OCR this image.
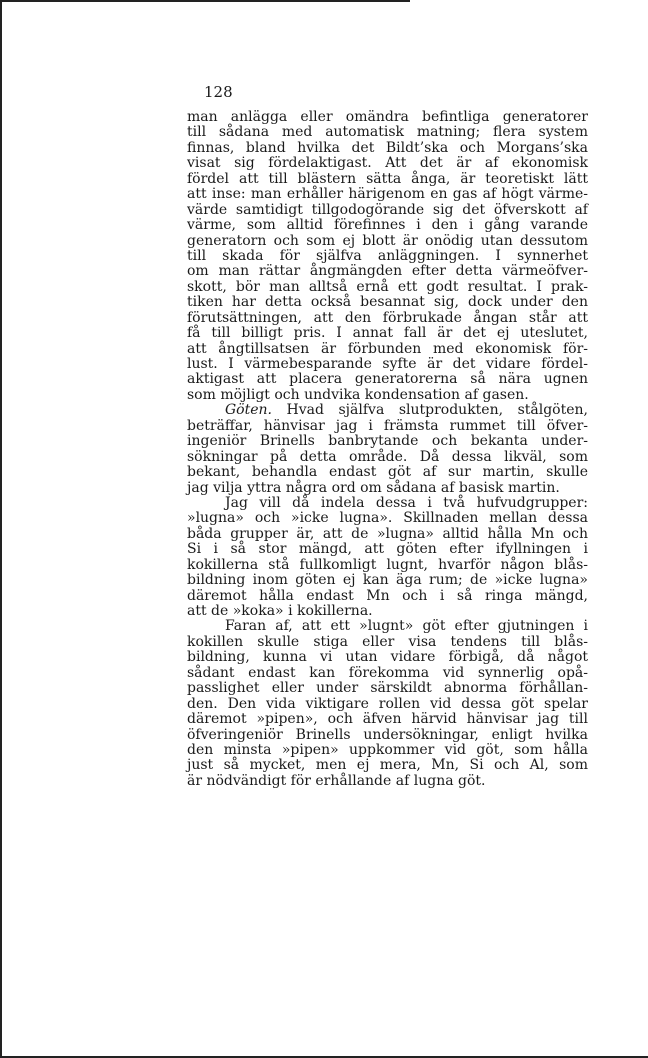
128
man anlägga eller omändra befintliga generatorer
till sådana med automatisk matning; flera system
finnas, bland hvilka det Bildt’ska och Morgans’ska
visat sig fördelaktigast. Att det är af ekonomisk
fördel att till blästern sätta ånga, är teoretiskt lätt
att inse: man erhåller härigenom en gas af högt värme-
värde samtidigt tillgodogörande sig det öfverskott af
värme, som alltid förefinnes i den i gång varande
generatorn och som ej blott är onödig utan dessutom
till skada för själfva anläggningen. I synnerhet
om man rättar ångmängden efter detta värmeöfver-
skott, bör man alltså ernå ett godt resultat. I prak-
tiken har detta också besannat sig, dock under den
förutsättningen, att den förbrukade ångan står att
få till billigt pris. I annat fall är det ej uteslutet,
att ångtillsatsen är förbunden med ekonomisk för-
lust. I värmebesparande syfte är det vidare fördel-
aktigast att placera generatorerna så nära ugnen
som möjligt och undvika kondensation af gasen.
Göten. Hvad själfva slutprodukten, stålgöten,
beträffar, hänvisar jag i främsta rummet till öfver-
ingeniör Brinells banbrytande och bekanta under-
sökningar på detta område. Då dessa likväl, som
bekant, behandla endast göt af sur martin, skulle
jag vilja yttra några ord om sådana af basisk martin.
Jag vill då indela dessa i två hufvudgrupper:
»lugna» och »icke lugna». Skillnaden mellan dessa
båda grupper är, att de »lugna» alltid hålla Mn och
Si i så stor mängd, att göten efter ifyllningen i
kokillerna stå fullkomligt lugnt, hvarför någon blås-
bildning inom göten ej kan äga rum; de »icke lugna»
däremot hålla endast Mn och i så ringa mängd,
att de »koka» i kokillerna.
Faran af, att ett »lugnt» göt efter gjutningen i
kokillen skulle stiga eller visa tendens till blås-
bildning, kunna vi utan vidare förbigå, då något
sådant endast kan förekomma vid synnerlig opå-
passlighet eller under särskildt abnorma förhållan-
den. Den vida viktigare rollen vid dessa göt spelar
däremot »pipen», och äfven härvid hänvisar jag till
öfveringeniör Brinells undersökningar, enligt hvilka
den minsta »pipen» uppkommer vid göt, som hålla
just så mycket, men ej mera, Mn, Si och Al, som
är nödvändigt för erhållande af lugna göt.
